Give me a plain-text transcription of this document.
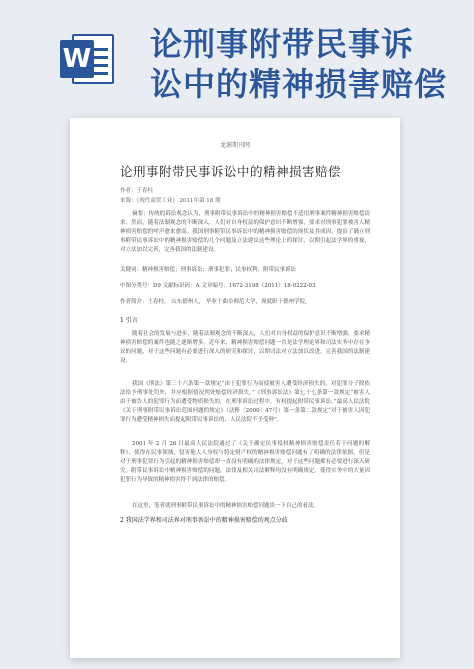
W 论刑事附带民事诉
讼中的精神损害赔偿
龙源期刊网
论刑事附带民事诉讼中的精神损害赔偿
作者：王春柱
来源：《现代商贸工业》 2011年第 18 期
摘要：传统的诉讼观念认为，刑事附带民事诉讼中的精神损害赔偿不适用刑事案件精神损害赔偿请求。然而，随着法制观念的不断深入，人们对自身权益的保护意识不断增强，要求对刑事犯罪被害人精神损害赔偿的呼声愈来愈高。我国刑事附带民事诉讼中的精神损害赔偿的现状及其成因，提出了确立刑事附带民事诉讼中的精神损害赔偿的几个问题及立法建议这些理论上的探讨，以期引起法学界的重视，对立法加以完善，完善我国的法制建设。
关键词：精神损害赔偿；刑事诉讼；刑事犯罪；民事权利；附带民事诉讼
中图分类号：D9 文献标识码：A 文章编号：1672-3198（2011）18-0222-03
作者简介：王春柱， 山东德州人， 毕业于曲阜师范大学，现就职于德州学院。
1 引言
随着社会的发展与进步，随着法制观念的不断深入，人们对自身权益的保护意识不断增强，要求精神损害赔偿的案件也随之逐渐增多。近年来，精神损害赔偿问题一直是法学理论界和司法实务中存在争议的问题，对于这些问题有必要进行深入的研究和探讨，以期司法对立法加以改进，完善我国的法制建设。
我国《刑法》第三十六条第一款规定“由于犯罪行为而使被害人遭受经济损失的，对犯罪分子除依法给予刑事处罚外，并应根据情况判处赔偿经济损失。”《刑事诉讼法》第七十七条第一款规定“被害人由于被告人的犯罪行为而遭受物质损失的，在刑事诉讼过程中，有权提起附带民事诉讼。”最高人民法院《关于刑事附带民事诉讼范围问题的规定》（法释〔2000〕47号）第一条第二款规定“对于被害人因犯罪行为遭受精神损失而提起附带民事诉讼的，人民法院不予受理”。
2001 年 2 月 26 日最高人民法院通过了《关于确定民事侵权精神损害赔偿责任若干问题的解释》，使得在民事领域，侵害他人人身权与特定财产权的精神损害赔偿问题有了明确的法律依据。但是对于刑事犯罪行为引起的精神损害赔偿却一直没有明确的法律规定，对于这些问题都有必要进行深入研究。附带民事诉讼中精神损害赔偿的问题，法律及相关司法解释均没有明确规定，使得实务中的大量因犯罪行为导致的精神损害得不到法律的赔偿。
在这里，笔者就刑事附带民事诉讼中的精神损害赔偿问题谈一下自己的看法。
2 我国法学界和司法界对刑事诉讼中的精神损害赔偿的观点分歧
